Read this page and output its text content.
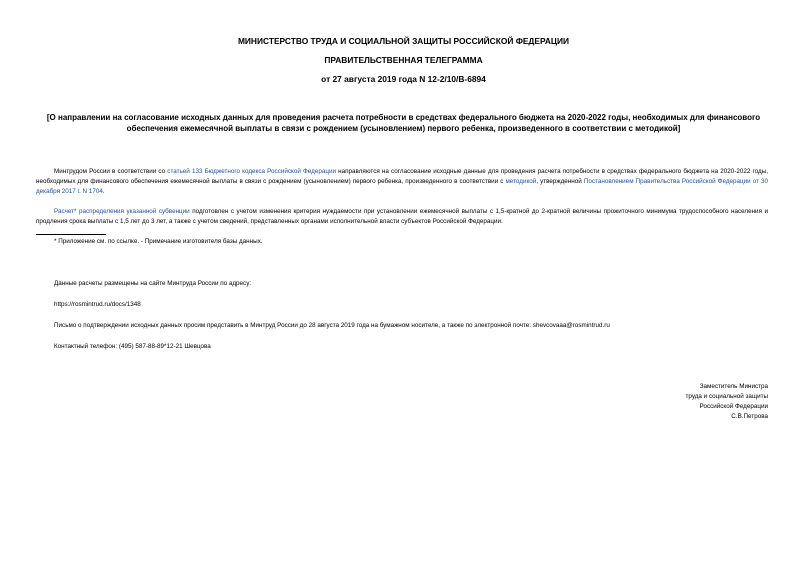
МИНИСТЕРСТВО ТРУДА И СОЦИАЛЬНОЙ ЗАЩИТЫ РОССИЙСКОЙ ФЕДЕРАЦИИ
ПРАВИТЕЛЬСТВЕННАЯ ТЕЛЕГРАММА
от 27 августа 2019 года N 12-2/10/В-6894
[О направлении на согласование исходных данных для проведения расчета потребности в средствах федерального бюджета на 2020-2022 годы, необходимых для финансового обеспечения ежемесячной выплаты в связи с рождением (усыновлением) первого ребенка, произведенного в соответствии с методикой]
Минтрудом России в соответствии со статьей 133 Бюджетного кодекса Российской Федерации направляются на согласование исходные данные для проведения расчета потребности в средствах федерального бюджета на 2020-2022 годы, необходимых для финансового обеспечения ежемесячной выплаты в связи с рождением (усыновлением) первого ребенка, произведенного в соответствии с методикой, утвержденной Постановлением Правительства Российской Федерации от 30 декабря 2017 г. N 1704.
Расчет* распределения указанной субвенции подготовлен с учетом изменения критерия нуждаемости при установлении ежемесячной выплаты с 1,5-кратной до 2-кратной величины прожиточного минимума трудоспособного населения и продления срока выплаты с 1,5 лет до 3 лет, а также с учетом сведений, представленных органами исполнительной власти субъектов Российской Федерации.
* Приложение см. по ссылке. - Примечание изготовителя базы данных.
Данные расчеты размещены на сайте Минтруда России по адресу:
https://rosmintrud.ru/docs/1348
Письмо о подтверждении исходных данных просим представить в Минтруд России до 28 августа 2019 года на бумажном носителе, а также по электронной почте: shevcovaaa@rosmintrud.ru
Контактный телефон: (495) 587-88-89*12-21 Шевцова
Заместитель Министра
труда и социальной защиты
Российской Федерации
С.В.Петрова
